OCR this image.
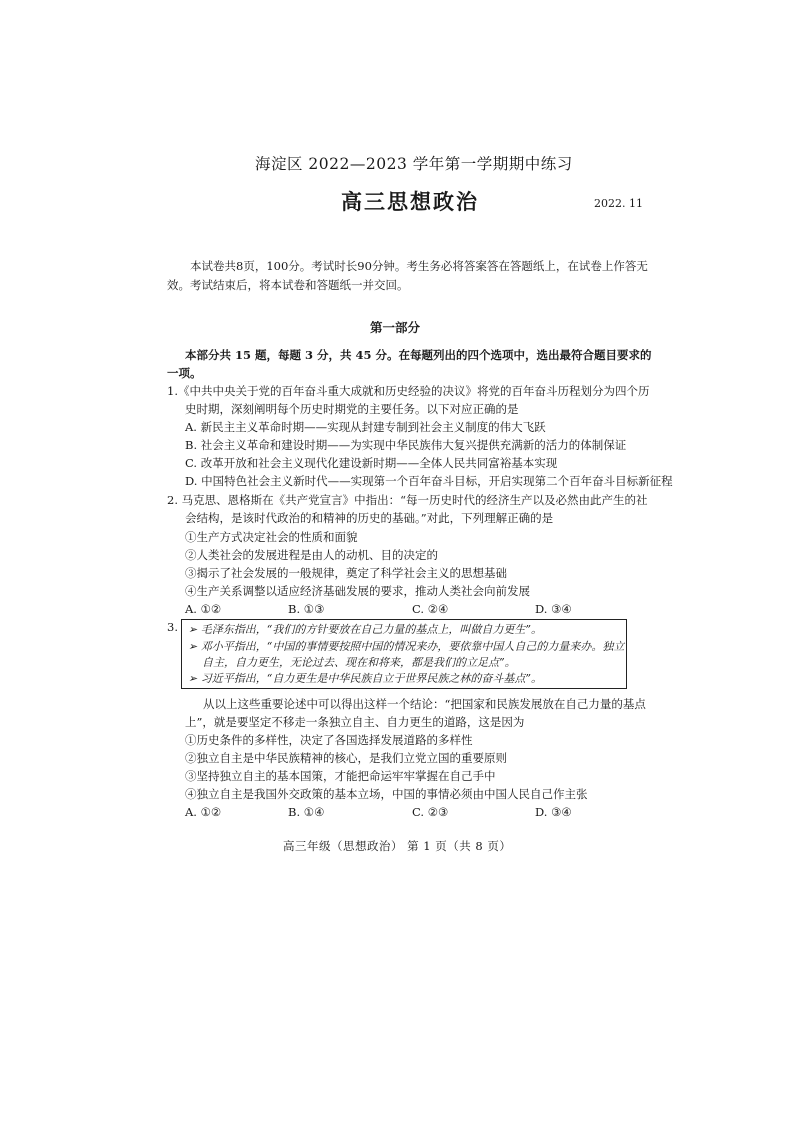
海淀区 2022—2023 学年第一学期期中练习
高三思想政治	2022. 11
本试卷共8页，100分。考试时长90分钟。考生务必将答案答在答题纸上，在试卷上作答无
效。考试结束后，将本试卷和答题纸一并交回。
第一部分
本部分共 15 题，每题 3 分，共 45 分。在每题列出的四个选项中，选出最符合题目要求的
一项。
1.《中共中央关于党的百年奋斗重大成就和历史经验的决议》将党的百年奋斗历程划分为四个历
史时期，深刻阐明每个历史时期党的主要任务。以下对应正确的是
A. 新民主主义革命时期——实现从封建专制到社会主义制度的伟大飞跃
B. 社会主义革命和建设时期——为实现中华民族伟大复兴提供充满新的活力的体制保证
C. 改革开放和社会主义现代化建设新时期——全体人民共同富裕基本实现
D. 中国特色社会主义新时代——实现第一个百年奋斗目标，开启实现第二个百年奋斗目标新征程
2. 马克思、恩格斯在《共产党宣言》中指出：“每一历史时代的经济生产以及必然由此产生的社
会结构，是该时代政治的和精神的历史的基础。”对此，下列理解正确的是
①生产方式决定社会的性质和面貌
②人类社会的发展进程是由人的动机、目的决定的
③揭示了社会发展的一般规律，奠定了科学社会主义的思想基础
④生产关系调整以适应经济基础发展的要求，推动人类社会向前发展
A. ①②	B. ①③	C. ②④	D. ③④
3. ➢ 毛泽东指出，“我们的方针要放在自己力量的基点上，叫做自力更生”。
➢ 邓小平指出，“中国的事情要按照中国的情况来办，要依靠中国人自己的力量来办。独立
自主，自力更生，无论过去、现在和将来，都是我们的立足点”。
➢ 习近平指出，“自力更生是中华民族自立于世界民族之林的奋斗基点”。
从以上这些重要论述中可以得出这样一个结论：“把国家和民族发展放在自己力量的基点
上”，就是要坚定不移走一条独立自主、自力更生的道路，这是因为
①历史条件的多样性，决定了各国选择发展道路的多样性
②独立自主是中华民族精神的核心，是我们立党立国的重要原则
③坚持独立自主的基本国策，才能把命运牢牢掌握在自己手中
④独立自主是我国外交政策的基本立场，中国的事情必须由中国人民自己作主张
A. ①②	B. ①④	C. ②③	D. ③④
高三年级（思想政治） 第 1 页（共 8 页）
